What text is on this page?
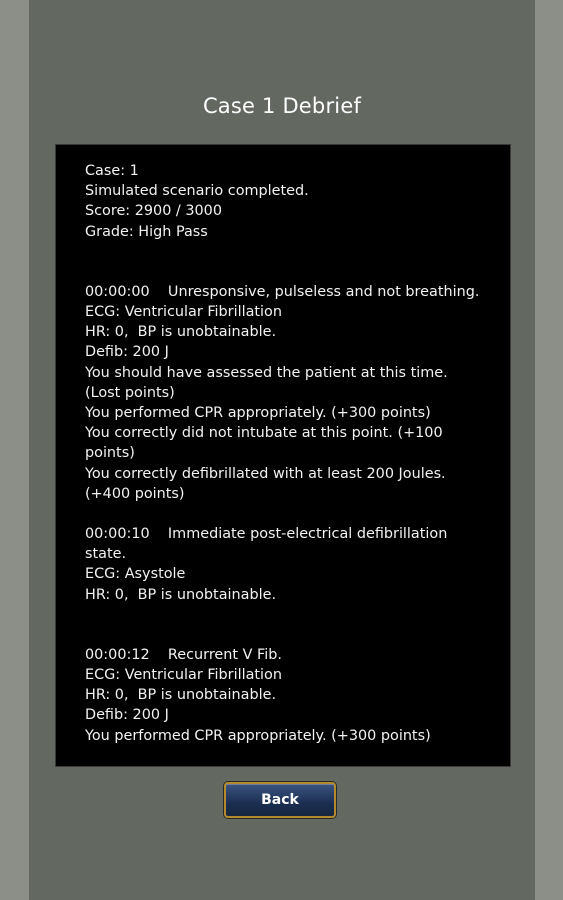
Case 1 Debrief
Case: 1
Simulated scenario completed.
Score: 2900 / 3000
Grade: High Pass
00:00:00    Unresponsive, pulseless and not breathing.
ECG: Ventricular Fibrillation
HR: 0,  BP is unobtainable.
Defib: 200 J
You should have assessed the patient at this time. (Lost points)
You performed CPR appropriately. (+300 points)
You correctly did not intubate at this point. (+100 points)
You correctly defibrillated with at least 200 Joules. (+400 points)
00:00:10    Immediate post-electrical defibrillation state.
ECG: Asystole
HR: 0,  BP is unobtainable.
00:00:12    Recurrent V Fib.
ECG: Ventricular Fibrillation
HR: 0,  BP is unobtainable.
Defib: 200 J
You performed CPR appropriately. (+300 points)
Back
